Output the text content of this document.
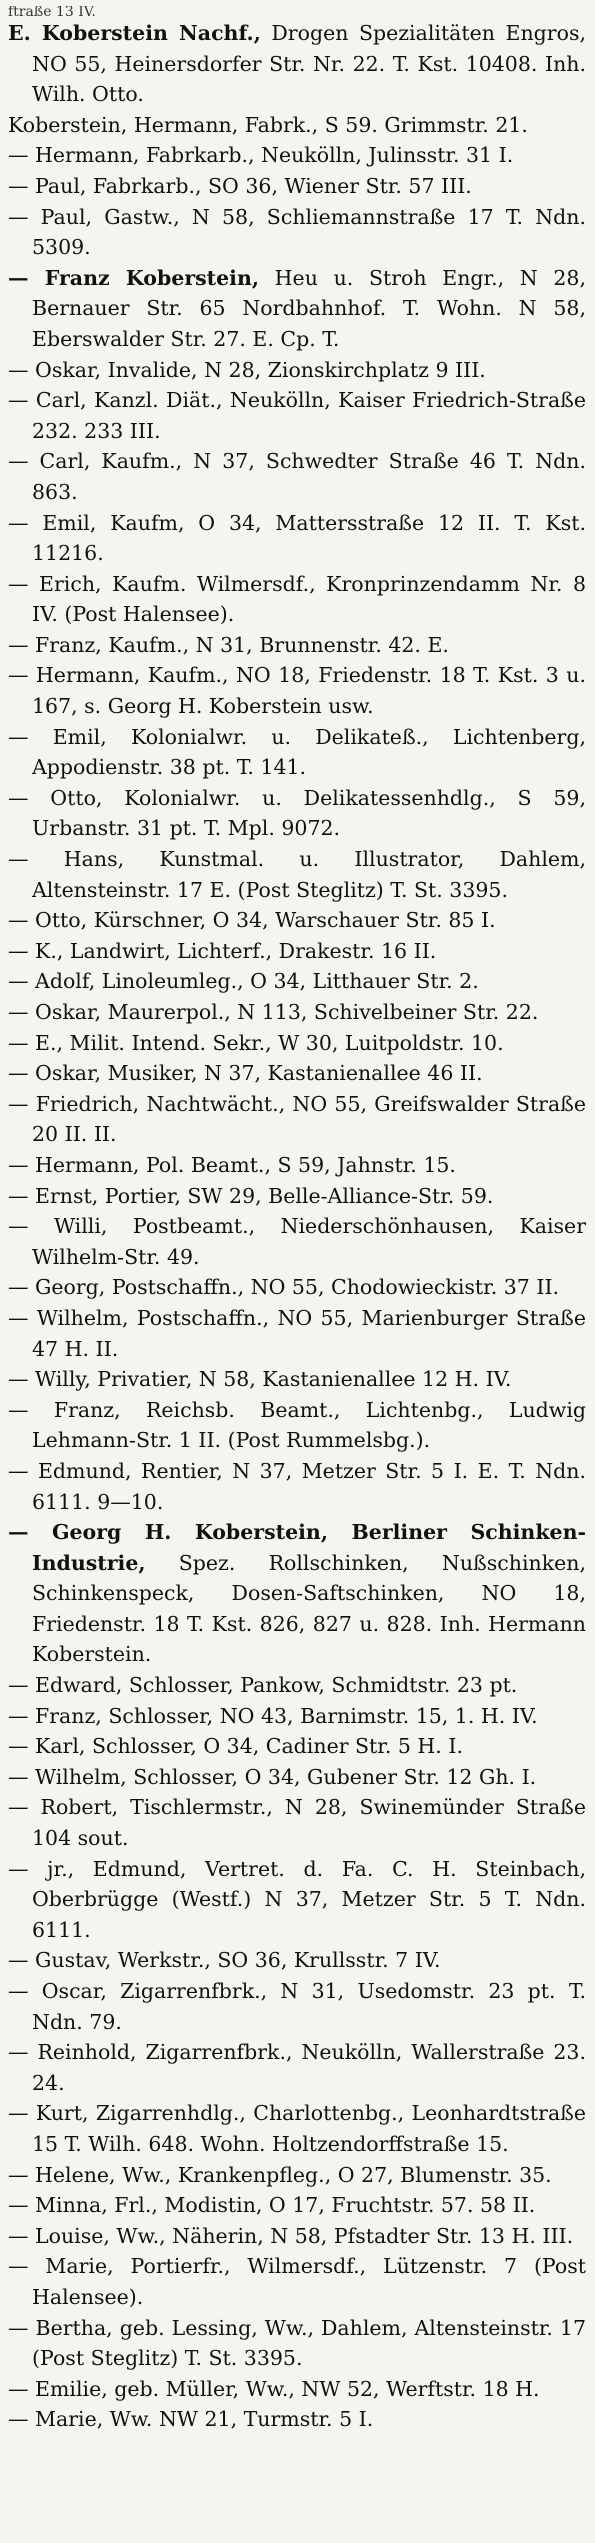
ftraße 13 IV.

E. Koberstein Nachf., Drogen Spezialitäten Engros, NO 55, Heinersdorfer Str. Nr. 22. T. Kst. 10408. Inh. Wilh. Otto.

Koberstein, Hermann, Fabrk., S 59. Grimmstr. 21.

— Hermann, Fabrkarb., Neukölln, Julinsstr. 31 I.

— Paul, Fabrkarb., SO 36, Wiener Str. 57 III.

— Paul, Gastw., N 58, Schliemannstraße 17 T. Ndn. 5309.

— Franz Koberstein, Heu u. Stroh Engr., N 28, Bernauer Str. 65 Nordbahnhof. T. Wohn. N 58, Eberswalder Str. 27. E. Cp. T.

— Oskar, Invalide, N 28, Zionskirchplatz 9 III.

— Carl, Kanzl. Diät., Neukölln, Kaiser Friedrich-Straße 232. 233 III.

— Carl, Kaufm., N 37, Schwedter Straße 46 T. Ndn. 863.

— Emil, Kaufm, O 34, Mattersstraße 12 II. T. Kst. 11216.

— Erich, Kaufm. Wilmersdf., Kronprinzendamm Nr. 8 IV. (Post Halensee).

— Franz, Kaufm., N 31, Brunnenstr. 42. E.

— Hermann, Kaufm., NO 18, Friedenstr. 18 T. Kst. 3 u. 167, s. Georg H. Koberstein usw.

— Emil, Kolonialwr. u. Delikateß., Lichtenberg, Appodienstr. 38 pt. T. 141.

— Otto, Kolonialwr. u. Delikatessenhdlg., S 59, Urbanstr. 31 pt. T. Mpl. 9072.

— Hans, Kunstmal. u. Illustrator, Dahlem, Altensteinstr. 17 E. (Post Steglitz) T. St. 3395.

— Otto, Kürschner, O 34, Warschauer Str. 85 I.

— K., Landwirt, Lichterf., Drakestr. 16 II.

— Adolf, Linoleumleg., O 34, Litthauer Str. 2.

— Oskar, Maurerpol., N 113, Schivelbeiner Str. 22.

— E., Milit. Intend. Sekr., W 30, Luitpoldstr. 10.

— Oskar, Musiker, N 37, Kastanienallee 46 II.

— Friedrich, Nachtwächt., NO 55, Greifswalder Straße 20 II. II.

— Hermann, Pol. Beamt., S 59, Jahnstr. 15.

— Ernst, Portier, SW 29, Belle-Alliance-Str. 59.

— Willi, Postbeamt., Niederschönhausen, Kaiser Wilhelm-Str. 49.

— Georg, Postschaffn., NO 55, Chodowieckistr. 37 II.

— Wilhelm, Postschaffn., NO 55, Marienburger Straße 47 H. II.

— Willy, Privatier, N 58, Kastanienallee 12 H. IV.

— Franz, Reichsb. Beamt., Lichtenbg., Ludwig Lehmann-Str. 1 II. (Post Rummelsbg.).

— Edmund, Rentier, N 37, Metzer Str. 5 I. E. T. Ndn. 6111. 9—10.

— Georg H. Koberstein, Berliner Schinken-Industrie, Spez. Rollschinken, Nußschinken, Schinkenspeck, Dosen-Saftschinken, NO 18, Friedenstr. 18 T. Kst. 826, 827 u. 828. Inh. Hermann Koberstein.

— Edward, Schlosser, Pankow, Schmidtstr. 23 pt.

— Franz, Schlosser, NO 43, Barnimstr. 15, 1. H. IV.

— Karl, Schlosser, O 34, Cadiner Str. 5 H. I.

— Wilhelm, Schlosser, O 34, Gubener Str. 12 Gh. I.

— Robert, Tischlermstr., N 28, Swinemünder Straße 104 sout.

— jr., Edmund, Vertret. d. Fa. C. H. Steinbach, Oberbrügge (Westf.) N 37, Metzer Str. 5 T. Ndn. 6111.

— Gustav, Werkstr., SO 36, Krullsstr. 7 IV.

— Oscar, Zigarrenfbrk., N 31, Usedomstr. 23 pt. T. Ndn. 79.

— Reinhold, Zigarrenfbrk., Neukölln, Wallerstraße 23. 24.

— Kurt, Zigarrenhdlg., Charlottenbg., Leonhardtstraße 15 T. Wilh. 648. Wohn. Holtzendorffstraße 15.

— Helene, Ww., Krankenpfleg., O 27, Blumenstr. 35.

— Minna, Frl., Modistin, O 17, Fruchtstr. 57. 58 II.

— Louise, Ww., Näherin, N 58, Pfstadter Str. 13 H. III.

— Marie, Portierfr., Wilmersdf., Lützenstr. 7 (Post Halensee).

— Bertha, geb. Lessing, Ww., Dahlem, Altensteinstr. 17 (Post Steglitz) T. St. 3395.

— Emilie, geb. Müller, Ww., NW 52, Werftstr. 18 H.

— Marie, Ww. NW 21, Turmstr. 5 I.
